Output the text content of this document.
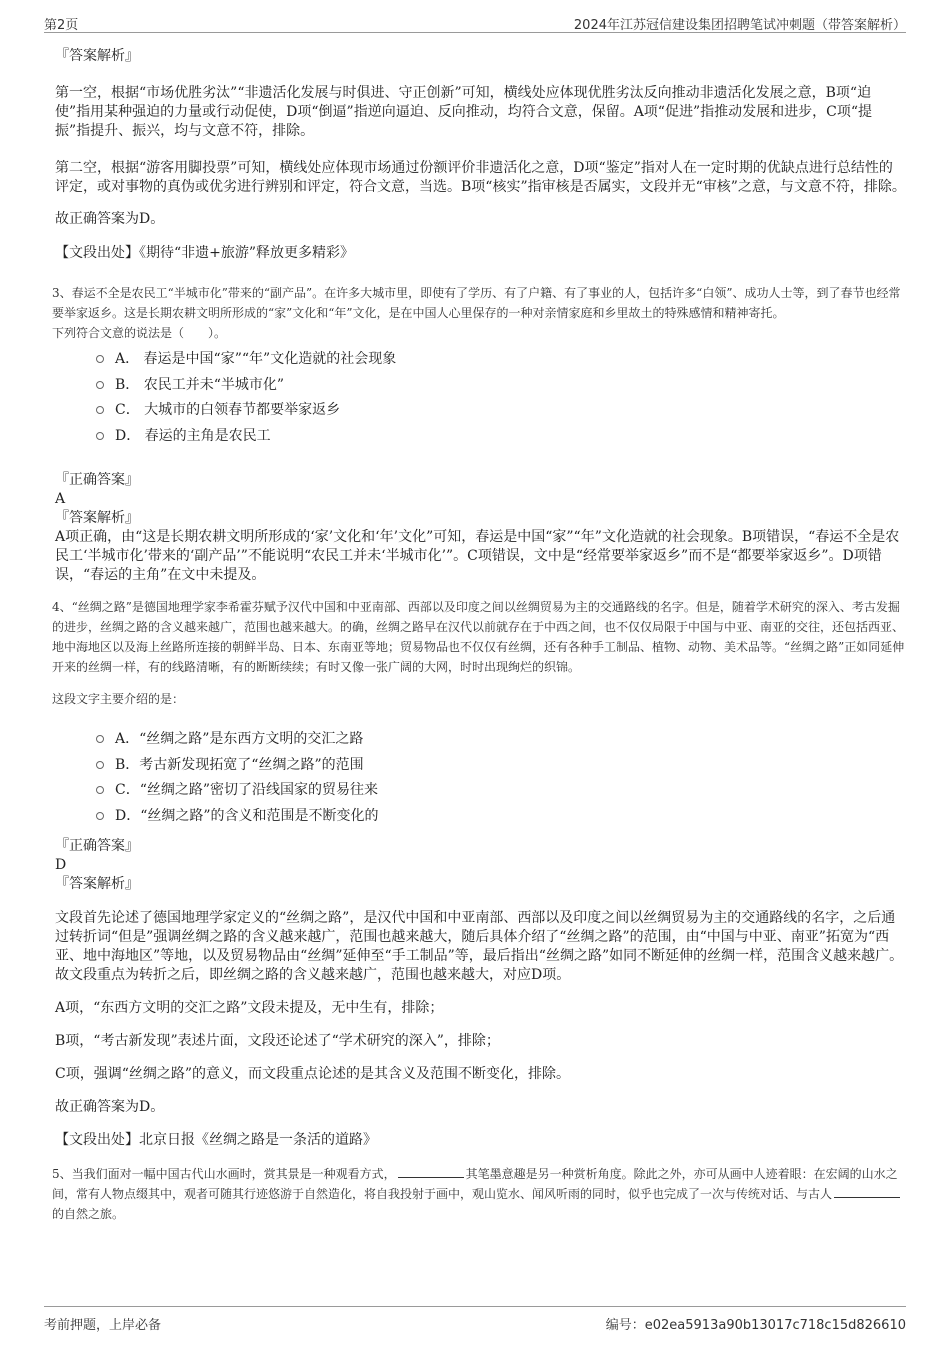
第2页	2024年江苏冠信建设集团招聘笔试冲刺题（带答案解析）

『答案解析』

第一空，根据“市场优胜劣汰”“非遗活化发展与时俱进、守正创新”可知，横线处应体现优胜劣汰反向推动非遗活化发展之意，B项“迫使”指用某种强迫的力量或行动促使，D项“倒逼”指逆向逼迫、反向推动，均符合文意，保留。A项“促进”指推动发展和进步，C项“提振”指提升、振兴，均与文意不符，排除。

第二空，根据“游客用脚投票”可知，横线处应体现市场通过份额评价非遗活化之意，D项“鉴定”指对人在一定时期的优缺点进行总结性的评定，或对事物的真伪或优劣进行辨别和评定，符合文意，当选。B项“核实”指审核是否属实，文段并无“审核”之意，与文意不符，排除。

故正确答案为D。

【文段出处】《期待“非遗+旅游”释放更多精彩》

3、春运不全是农民工“半城市化”带来的“副产品”。在许多大城市里，即使有了学历、有了户籍、有了事业的人，包括许多“白领”、成功人士等，到了春节也经常要举家返乡。这是长期农耕文明所形成的“家”文化和“年”文化，是在中国人心里保存的一种对亲情家庭和乡里故土的特殊感情和精神寄托。

下列符合文意的说法是（　　）。

A． 春运是中国“家”“年”文化造就的社会现象
B． 农民工并未“半城市化”
C． 大城市的白领春节都要举家返乡
D． 春运的主角是农民工

『正确答案』

A

『答案解析』

A项正确，由“这是长期农耕文明所形成的‘家’文化和‘年’文化”可知，春运是中国“家”“年”文化造就的社会现象。B项错误，“春运不全是农民工‘半城市化’带来的‘副产品’”不能说明“农民工并未‘半城市化’”。C项错误，文中是“经常要举家返乡”而不是“都要举家返乡”。D项错误，“春运的主角”在文中未提及。

4、“丝绸之路”是德国地理学家李希霍芬赋予汉代中国和中亚南部、西部以及印度之间以丝绸贸易为主的交通路线的名字。但是，随着学术研究的深入、考古发掘的进步，丝绸之路的含义越来越广，范围也越来越大。的确，丝绸之路早在汉代以前就存在于中西之间，也不仅仅局限于中国与中亚、南亚的交往，还包括西亚、地中海地区以及海上丝路所连接的朝鲜半岛、日本、东南亚等地；贸易物品也不仅仅有丝绸，还有各种手工制品、植物、动物、美术品等。“丝绸之路”正如同延伸开来的丝绸一样，有的线路清晰，有的断断续续；有时又像一张广阔的大网，时时出现绚烂的织锦。

这段文字主要介绍的是：

A．“丝绸之路”是东西方文明的交汇之路
B．考古新发现拓宽了“丝绸之路”的范围
C．“丝绸之路”密切了沿线国家的贸易往来
D．“丝绸之路”的含义和范围是不断变化的

『正确答案』

D

『答案解析』

文段首先论述了德国地理学家定义的“丝绸之路”，是汉代中国和中亚南部、西部以及印度之间以丝绸贸易为主的交通路线的名字，之后通过转折词“但是”强调丝绸之路的含义越来越广，范围也越来越大，随后具体介绍了“丝绸之路”的范围，由“中国与中亚、南亚”拓宽为“西亚、地中海地区”等地，以及贸易物品由“丝绸”延伸至“手工制品”等，最后指出“丝绸之路”如同不断延伸的丝绸一样，范围含义越来越广。故文段重点为转折之后，即丝绸之路的含义越来越广，范围也越来越大，对应D项。

A项，“东西方文明的交汇之路”文段未提及，无中生有，排除；

B项，“考古新发现”表述片面，文段还论述了“学术研究的深入”，排除；

C项，强调“丝绸之路”的意义，而文段重点论述的是其含义及范围不断变化，排除。

故正确答案为D。

【文段出处】北京日报《丝绸之路是一条活的道路》

5、当我们面对一幅中国古代山水画时，赏其景是一种观看方式，	其笔墨意趣是另一种赏析角度。除此之外，亦可从画中人迹着眼：在宏阔的山水之间，常有人物点缀其中，观者可随其行迹悠游于自然造化，将自我投射于画中，观山览水、闻风听雨的同时，似乎也完成了一次与传统对话、与古人的自然之旅。

考前押题，上岸必备	编号：e02ea5913a90b13017c718c15d826610
